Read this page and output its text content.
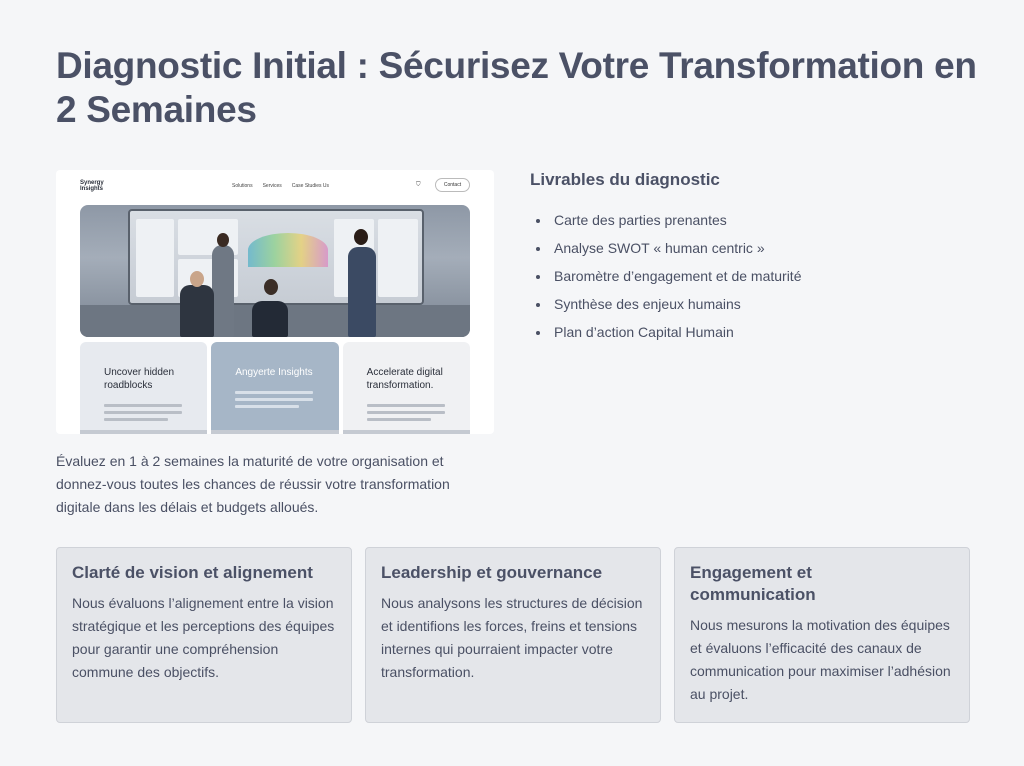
Diagnostic Initial : Sécurisez Votre Transformation en 2 Semaines
Synergy Insights	Solutions Services Case Studies Us	⛉	Contact
Uncover hidden roadblocks
Angyerte Insights	Accelerate digital transformation.
Livrables du diagnostic
Carte des parties prenantes
Analyse SWOT « human centric »
Baromètre d’engagement et de maturité
Synthèse des enjeux humains
Plan d’action Capital Humain

Évaluez en 1 à 2 semaines la maturité de votre organisation et donnez-vous toutes les chances de réussir votre transformation digitale dans les délais et budgets alloués.

Clarté de vision et alignement

Nous évaluons l’alignement entre la vision stratégique et les perceptions des équipes pour garantir une compréhension commune des objectifs.

Leadership et gouvernance

Nous analysons les structures de décision et identifions les forces, freins et tensions internes qui pourraient impacter votre transformation.

Engagement et communication

Nous mesurons la motivation des équipes et évaluons l’efficacité des canaux de communication pour maximiser l’adhésion au projet.
